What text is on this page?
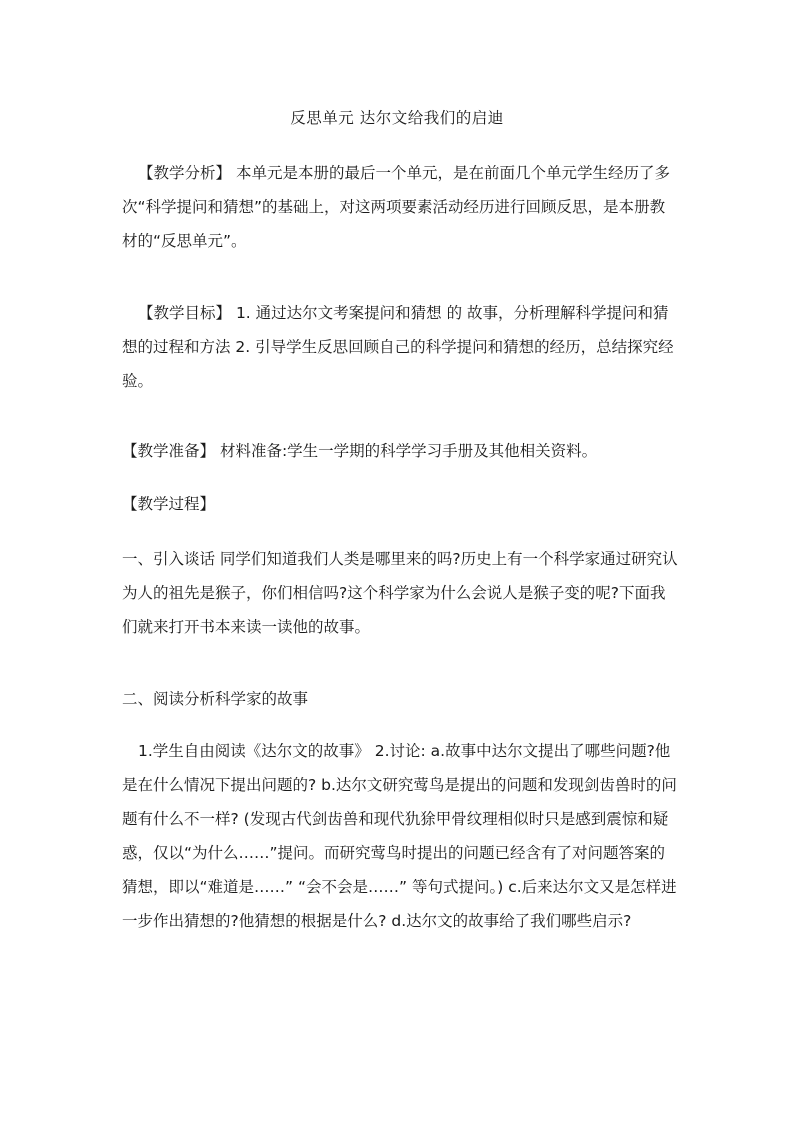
反思单元 达尔文给我们的启迪

【教学分析】 本单元是本册的最后一个单元，是在前面几个单元学生经历了多次“科学提问和猜想”的基础上，对这两项要素活动经历进行回顾反思，是本册教材的“反思单元”。

【教学目标】 1. 通过达尔文考案提问和猜想 的 故事，分析理解科学提问和猜想的过程和方法 2. 引导学生反思回顾自己的科学提问和猜想的经历，总结探究经验。

【教学准备】 材料准备:学生一学期的科学学习手册及其他相关资料。

【教学过程】

一、引入谈话 同学们知道我们人类是哪里来的吗?历史上有一个科学家通过研究认为人的祖先是猴子，你们相信吗?这个科学家为什么会说人是猴子变的呢?下面我们就来打开书本来读一读他的故事。

二、阅读分析科学家的故事

1.学生自由阅读《达尔文的故事》 2.讨论: a.故事中达尔文提出了哪些问题?他是在什么情况下提出问题的? b.达尔文研究莺鸟是提出的问题和发现剑齿兽时的问题有什么不一样? (发现古代剑齿兽和现代犰狳甲骨纹理相似时只是感到震惊和疑惑，仅以“为什么……”提问。而研究莺鸟时提出的问题已经含有了对问题答案的猜想，即以“难道是……” “会不会是……” 等句式提问。) c.后来达尔文又是怎样进一步作出猜想的?他猜想的根据是什么? d.达尔文的故事给了我们哪些启示?
